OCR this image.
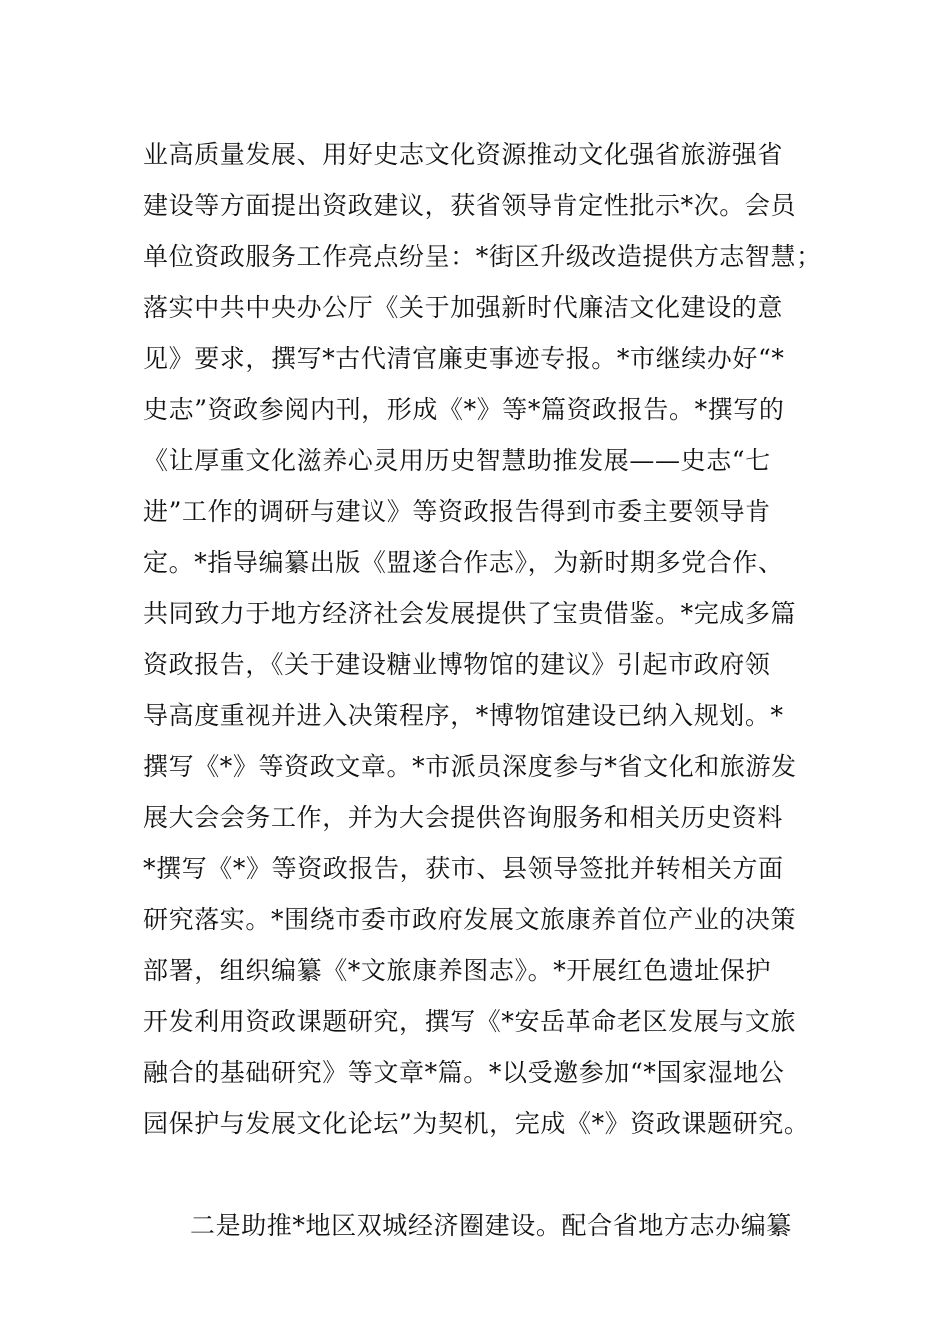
业高质量发展、用好史志文化资源推动文化强省旅游强省
建设等方面提出资政建议，获省领导肯定性批示*次。会员
单位资政服务工作亮点纷呈：*街区升级改造提供方志智慧；
落实中共中央办公厅《关于加强新时代廉洁文化建设的意
见》要求，撰写*古代清官廉吏事迹专报。*市继续办好“*
史志”资政参阅内刊，形成《*》等*篇资政报告。*撰写的
《让厚重文化滋养心灵用历史智慧助推发展——史志“七
进”工作的调研与建议》等资政报告得到市委主要领导肯
定。*指导编纂出版《盟遂合作志》，为新时期多党合作、
共同致力于地方经济社会发展提供了宝贵借鉴。*完成多篇
资政报告，《关于建设糖业博物馆的建议》引起市政府领
导高度重视并进入决策程序，*博物馆建设已纳入规划。*
撰写《*》等资政文章。*市派员深度参与*省文化和旅游发
展大会会务工作，并为大会提供咨询服务和相关历史资料
*撰写《*》等资政报告，获市、县领导签批并转相关方面
研究落实。*围绕市委市政府发展文旅康养首位产业的决策
部署，组织编纂《*文旅康养图志》。*开展红色遗址保护
开发利用资政课题研究，撰写《*安岳革命老区发展与文旅
融合的基础研究》等文章*篇。*以受邀参加“*国家湿地公
园保护与发展文化论坛”为契机，完成《*》资政课题研究。
二是助推*地区双城经济圈建设。配合省地方志办编纂
